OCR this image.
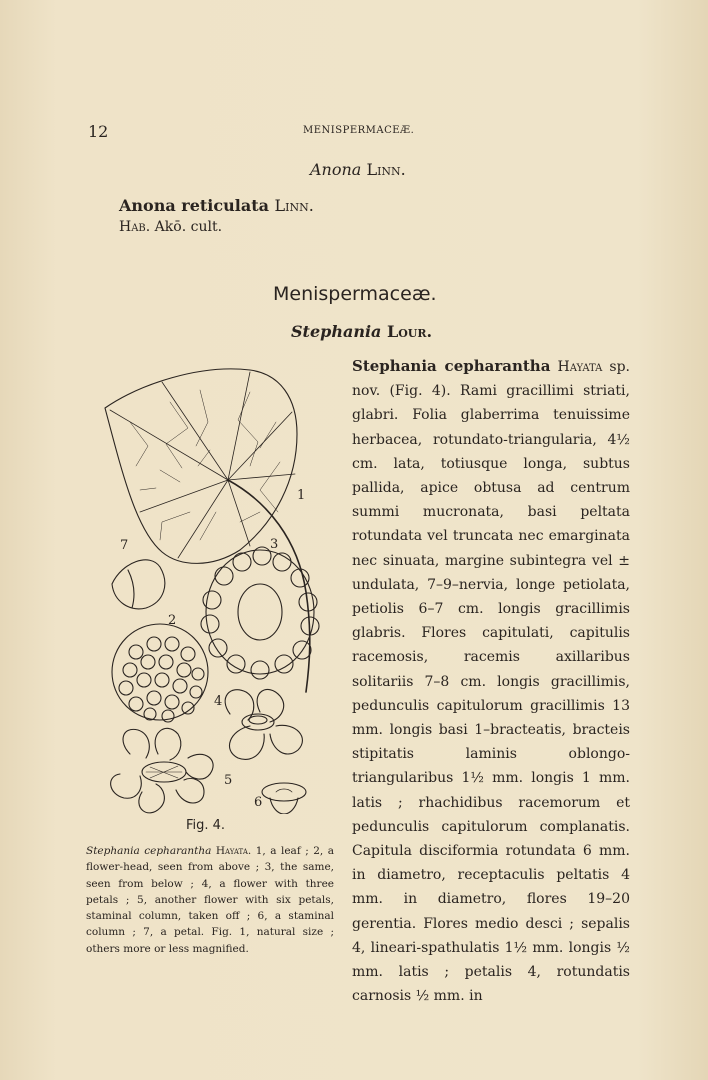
12	MENISPERMACEÆ.
Anona Linn.
Anona reticulata Linn.
Hab. Akō. cult.
Menispermaceæ.
Stephania Lour.

Stephania cepharantha Hayata sp. nov. (Fig. 4). Rami gracillimi striati, glabri. Folia glaberrima tenuissime herbacea, rotundato-triangularia, 4½ cm. lata, totiusque longa, subtus pallida, apice obtusa ad centrum summi mucronata, basi peltata rotundata vel truncata nec emarginata nec sinuata, margine subintegra vel ± undulata, 7–9–nervia, longe petiolata, petiolis 6–7 cm. longis gracillimis glabris. Flores capitulati, capitulis racemosis, racemis axillaribus solitariis 7–8 cm. longis gracillimis, pedunculis capitulorum gracillimis 13 mm. longis basi 1–bracteatis, bracteis stipitatis laminis oblongo-triangularibus 1½ mm. longis 1 mm. latis ; rhachidibus racemorum et pedunculis capitulorum complanatis. Capitula disciformia rotundata 6 mm. in diametro, receptaculis peltatis 4 mm. in diametro, flores 19–20 gerentia. Flores medio desci ; sepalis 4, lineari-spathulatis 1½ mm. longis ½ mm. latis ; petalis 4, rotundatis carnosis ½ mm. in

1
2
3
4
5
6
7
Fig. 4.

Stephania cepharantha Hayata. 1, a leaf ; 2, a flower-head, seen from above ; 3, the same, seen from below ; 4, a flower with three petals ; 5, another flower with six petals, staminal column, taken off ; 6, a staminal column ; 7, a petal. Fig. 1, natural size ; others more or less magnified.
